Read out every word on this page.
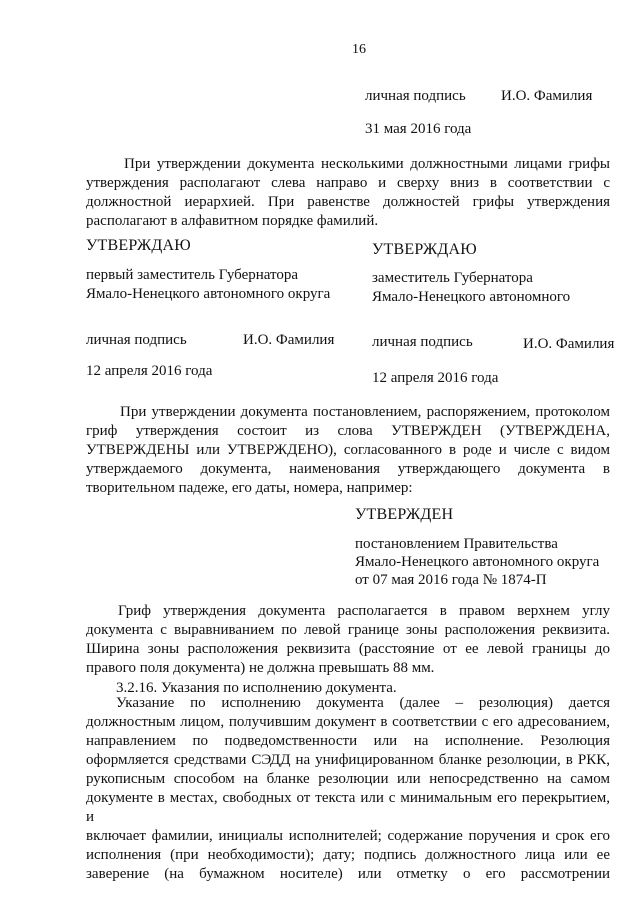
16
личная подпись И.О. Фамилия
31 мая 2016 года
При утверждении документа несколькими должностными лицами грифы
утверждения располагают слева направо и сверху вниз в соответствии с
должностной иерархией. При равенстве должностей грифы утверждения
располагают в алфавитном порядке фамилий.
УТВЕРЖДАЮ
первый заместитель Губернатора
Ямало-Ненецкого автономного округа
личная подпись	И.О. Фамилия
12 апреля 2016 года
УТВЕРЖДАЮ
заместитель Губернатора
Ямало-Ненецкого автономного
личная подпись	И.О. Фамилия
12 апреля 2016 года
При утверждении документа постановлением, распоряжением, протоколом
гриф утверждения состоит из слова УТВЕРЖДЕН (УТВЕРЖДЕНА,
УТВЕРЖДЕНЫ или УТВЕРЖДЕНО), согласованного в роде и числе с видом
утверждаемого документа, наименования утверждающего документа в
творительном падеже, его даты, номера, например:
УТВЕРЖДЕН
постановлением Правительства
Ямало-Ненецкого автономного округа
от 07 мая 2016 года № 1874-П
Гриф утверждения документа располагается в правом верхнем углу
документа с выравниванием по левой границе зоны расположения реквизита.
Ширина зоны расположения реквизита (расстояние от ее левой границы до
правого поля документа) не должна превышать 88 мм.
3.2.16. Указания по исполнению документа.
Указание по исполнению документа (далее – резолюция) дается
должностным лицом, получившим документ в соответствии с его адресованием,
направлением по подведомственности или на исполнение. Резолюция
оформляется средствами СЭДД на унифицированном бланке резолюции, в РКК,
рукописным способом на бланке резолюции или непосредственно на самом
документе в местах, свободных от текста или с минимальным его перекрытием, и
включает фамилии, инициалы исполнителей; содержание поручения и срок его
исполнения (при необходимости); дату; подпись должностного лица или ее
заверение (на бумажном носителе) или отметку о его рассмотрении
